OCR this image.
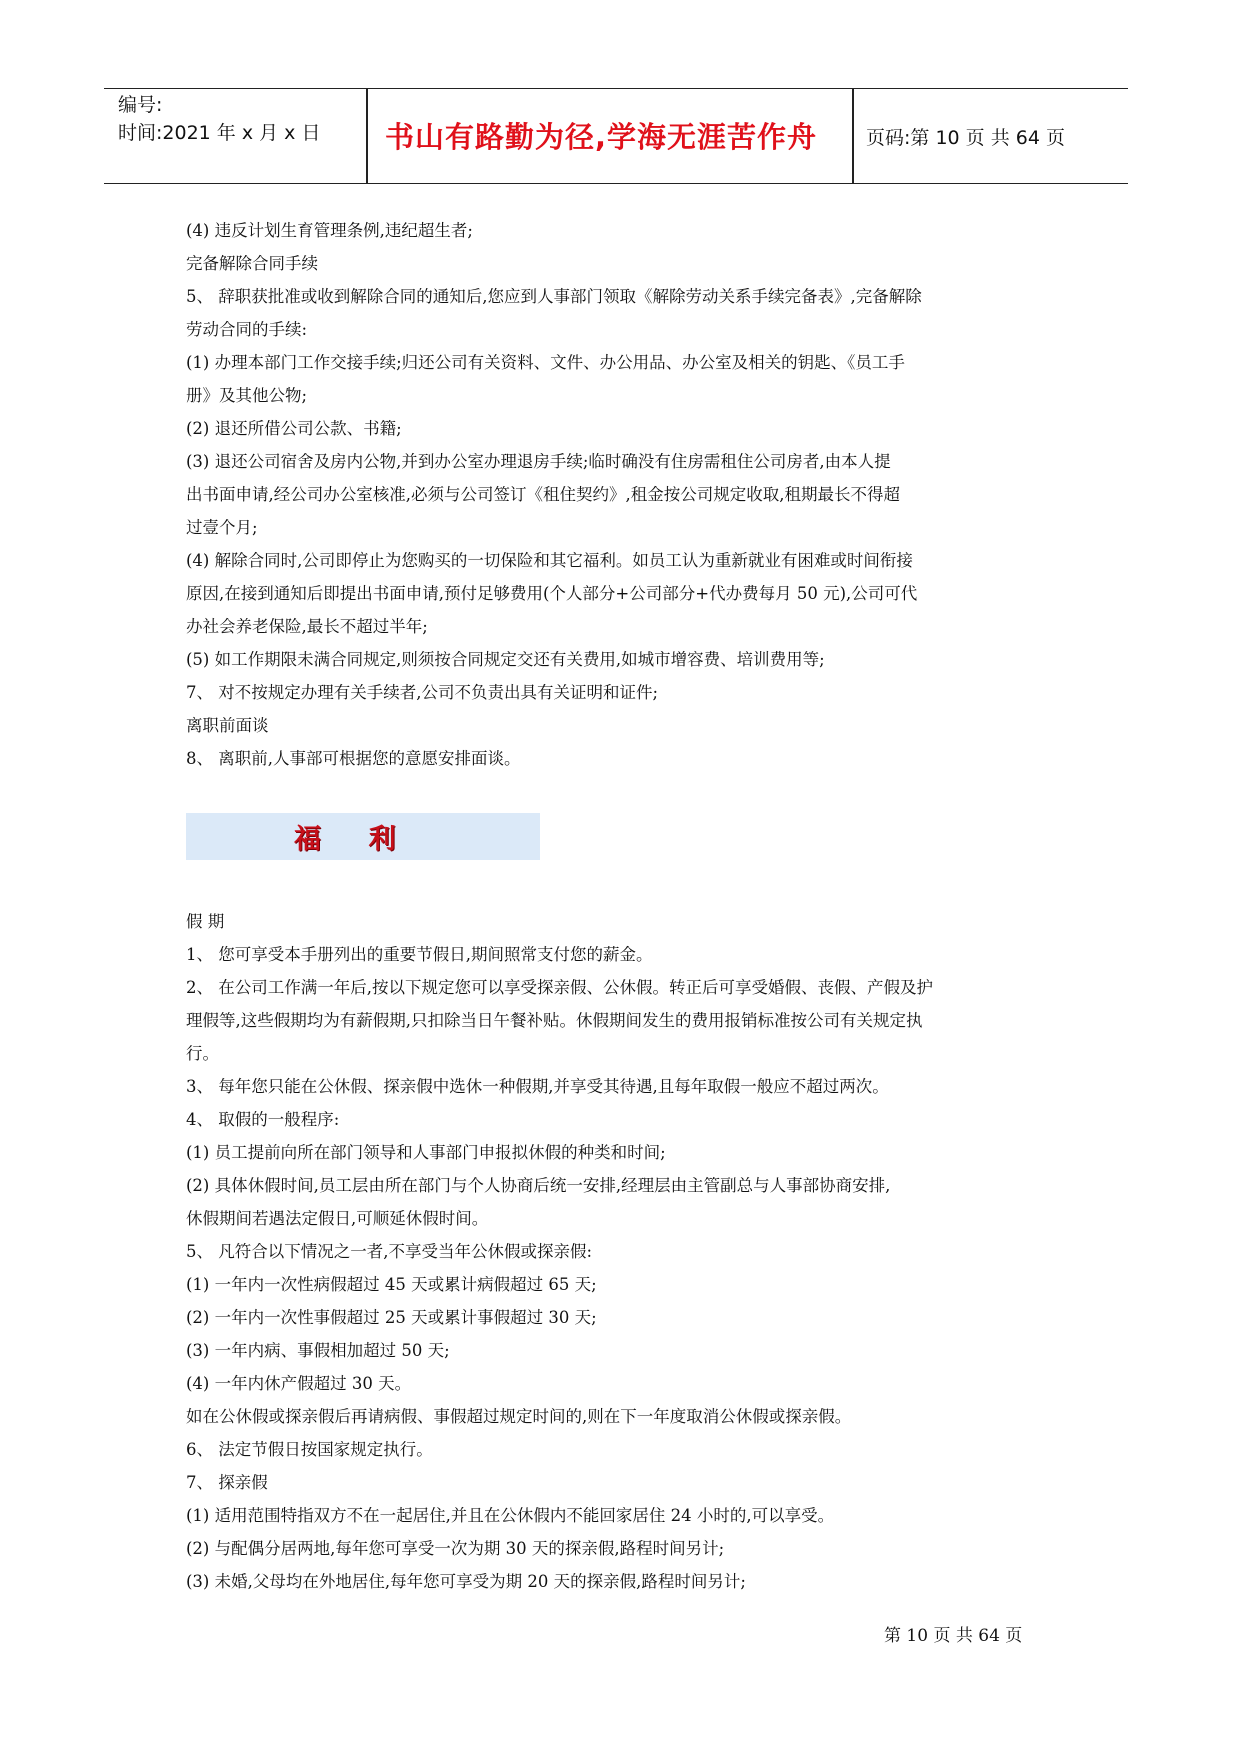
编号:
时间:2021 年 x 月 x 日	书山有路勤为径,学海无涯苦作舟	页码:第 10 页 共 64 页

(4) 违反计划生育管理条例,违纪超生者;

完备解除合同手续

5、 辞职获批准或收到解除合同的通知后,您应到人事部门领取《解除劳动关系手续完备表》,完备解除

劳动合同的手续:

(1) 办理本部门工作交接手续;归还公司有关资料、文件、办公用品、办公室及相关的钥匙、《员工手

册》及其他公物;

(2) 退还所借公司公款、书籍;

(3) 退还公司宿舍及房内公物,并到办公室办理退房手续;临时确没有住房需租住公司房者,由本人提

出书面申请,经公司办公室核准,必须与公司签订《租住契约》,租金按公司规定收取,租期最长不得超

过壹个月;

(4) 解除合同时,公司即停止为您购买的一切保险和其它福利。如员工认为重新就业有困难或时间衔接

原因,在接到通知后即提出书面申请,预付足够费用(个人部分+公司部分+代办费每月 50 元),公司可代

办社会养老保险,最长不超过半年;

(5) 如工作期限未满合同规定,则须按合同规定交还有关费用,如城市增容费、培训费用等;

7、 对不按规定办理有关手续者,公司不负责出具有关证明和证件;

离职前面谈

8、 离职前,人事部可根据您的意愿安排面谈。

福    利

假 期

1、 您可享受本手册列出的重要节假日,期间照常支付您的薪金。

2、 在公司工作满一年后,按以下规定您可以享受探亲假、公休假。转正后可享受婚假、丧假、产假及护

理假等,这些假期均为有薪假期,只扣除当日午餐补贴。休假期间发生的费用报销标准按公司有关规定执

行。

3、 每年您只能在公休假、探亲假中选休一种假期,并享受其待遇,且每年取假一般应不超过两次。

4、 取假的一般程序:

(1) 员工提前向所在部门领导和人事部门申报拟休假的种类和时间;

(2) 具体休假时间,员工层由所在部门与个人协商后统一安排,经理层由主管副总与人事部协商安排,

休假期间若遇法定假日,可顺延休假时间。

5、 凡符合以下情况之一者,不享受当年公休假或探亲假:

(1) 一年内一次性病假超过 45 天或累计病假超过 65 天;

(2) 一年内一次性事假超过 25 天或累计事假超过 30 天;

(3) 一年内病、事假相加超过 50 天;

(4) 一年内休产假超过 30 天。

如在公休假或探亲假后再请病假、事假超过规定时间的,则在下一年度取消公休假或探亲假。

6、 法定节假日按国家规定执行。

7、 探亲假

(1) 适用范围特指双方不在一起居住,并且在公休假内不能回家居住 24 小时的,可以享受。

(2) 与配偶分居两地,每年您可享受一次为期 30 天的探亲假,路程时间另计;

(3) 未婚,父母均在外地居住,每年您可享受为期 20 天的探亲假,路程时间另计;

第 10 页 共 64 页
